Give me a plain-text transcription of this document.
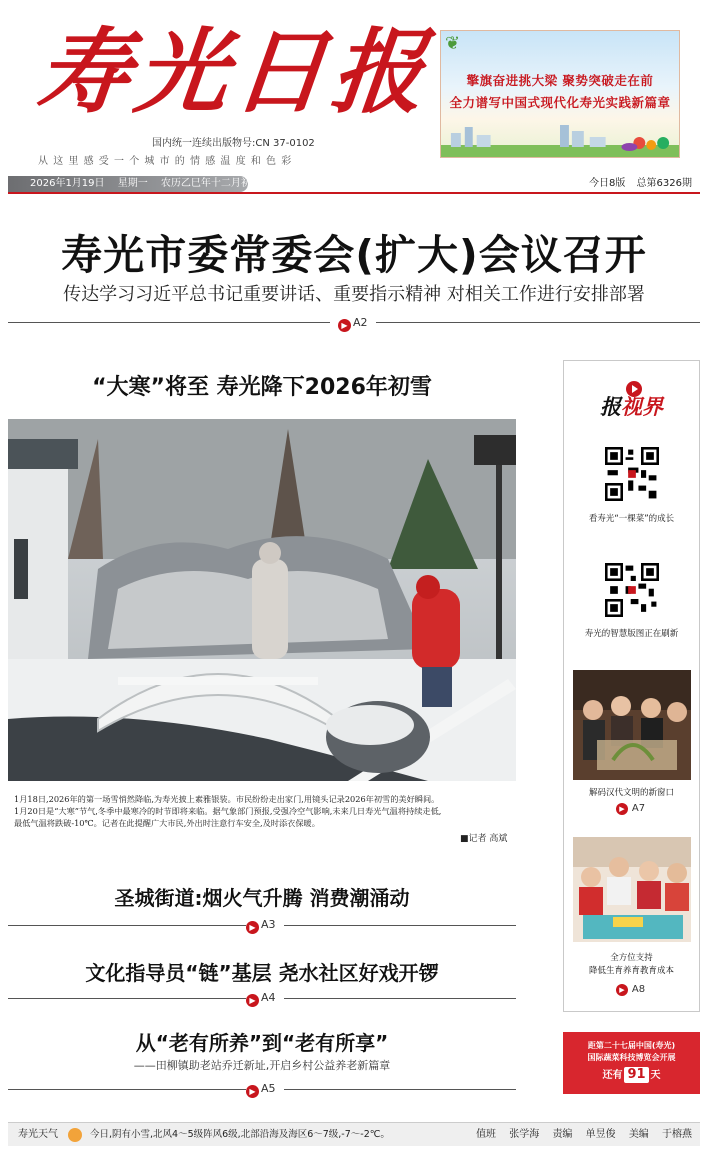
寿光日报
国内统一连续出版物号:CN 37-0102
从这里感受一个城市的情感温度和色彩
❦
擎旗奋进挑大梁 聚势突破走在前
全力谱写中国式现代化寿光实践新篇章
2026年1月19日 星期一 农历乙巳年十二月初一	今日8版 总第6326期
寿光市委常委会(扩大)会议召开
传达学习习近平总书记重要讲话、重要指示精神 对相关工作进行安排部署
▶ A2
“大寒”将至 寿光降下2026年初雪
1月18日,2026年的第一场雪悄然降临,为寿光披上素雅银装。市民纷纷走出家门,用镜头记录2026年初雪的美好瞬间。
1月20日是“大寒”节气,冬季中最寒冷的时节即将来临。据气象部门预报,受强冷空气影响,未来几日寿光气温将持续走低,
最低气温将跌破-10℃。记者在此提醒广大市民,外出时注意行车安全,及时添衣保暖。
■记者 高斌
圣城街道:烟火气升腾 消费潮涌动
▶ A3
文化指导员“链”基层 尧水社区好戏开锣
▶ A4
从“老有所养”到“老有所享”
——田柳镇助老站乔迁新址,开启乡村公益养老新篇章
▶ A5
报视界
看寿光“一棵菜”的成长
寿光的智慧版图正在刷新
解码汉代文明的新窗口
▶ A7
全方位支持
降低生育养育教育成本
▶ A8
距第二十七届中国(寿光)
国际蔬菜科技博览会开展
还有 91 天
寿光天气	今日,阴有小雪,北风4～5级阵风6级,北部沿海及海区6～7级,-7～-2℃。	值班 张学海 责编 单昱俊 美编 于榕燕
